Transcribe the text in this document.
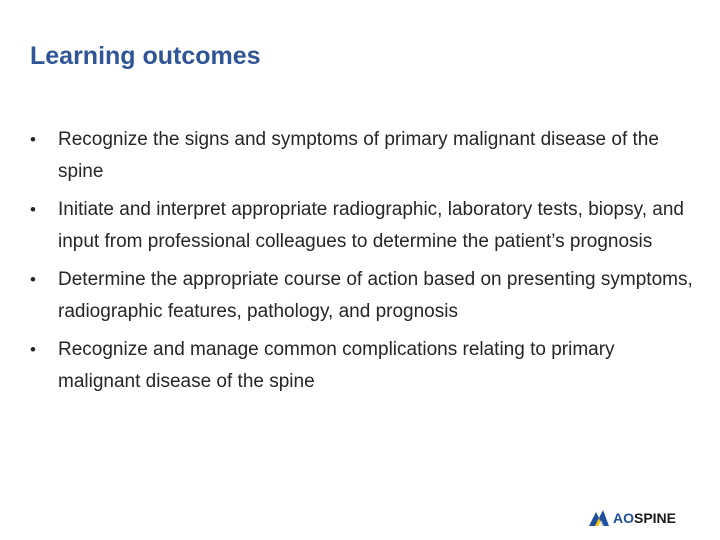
Learning outcomes
• Recognize the signs and symptoms of primary malignant disease of the spine
• Initiate and interpret appropriate radiographic, laboratory tests, biopsy, and input from professional colleagues to determine the patient’s prognosis
• Determine the appropriate course of action based on presenting symptoms, radiographic features, pathology, and prognosis
• Recognize and manage common complications relating to primary malignant disease of the spine
AOSPINE
